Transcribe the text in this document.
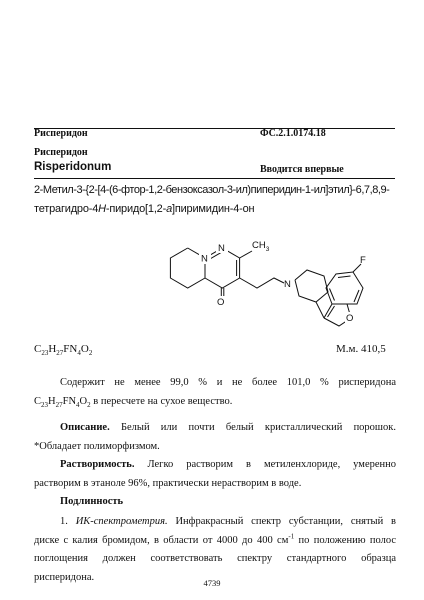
Рисперидон	ФС.2.1.0174.18
Рисперидон
Risperidonum	Вводится впервые
2-Метил-3-{2-[4-(6-фтор-1,2-бензоксазол-3-ил)пиперидин-1-ил]этил}-6,7,8,9-
тетрагидро-4H-пиридо[1,2-a]пиримидин-4-он
N
N	$CH_3$
O
N
O
F
$C_{23}H_{27}FN_4O_2$	М.м. 410,5
Содержит не менее 99,0 % и не более 101,0 % рисперидона
$C_{23}H_{27}FN_4O_2$ в пересчете на сухое вещество.
Описание. Белый или почти белый кристаллический порошок.
*Обладает полиморфизмом.
Растворимость. Легко растворим в метиленхлориде, умеренно
растворим в этаноле 96%, практически нерастворим в воде.
Подлинность
1. ИК-спектрометрия. Инфракрасный спектр субстанции, снятый в
диске с калия бромидом, в области от 4000 до 400 $см^{-1}$ по положению полос
поглощения должен соответствовать спектру стандартного образца
рисперидона.
4739
